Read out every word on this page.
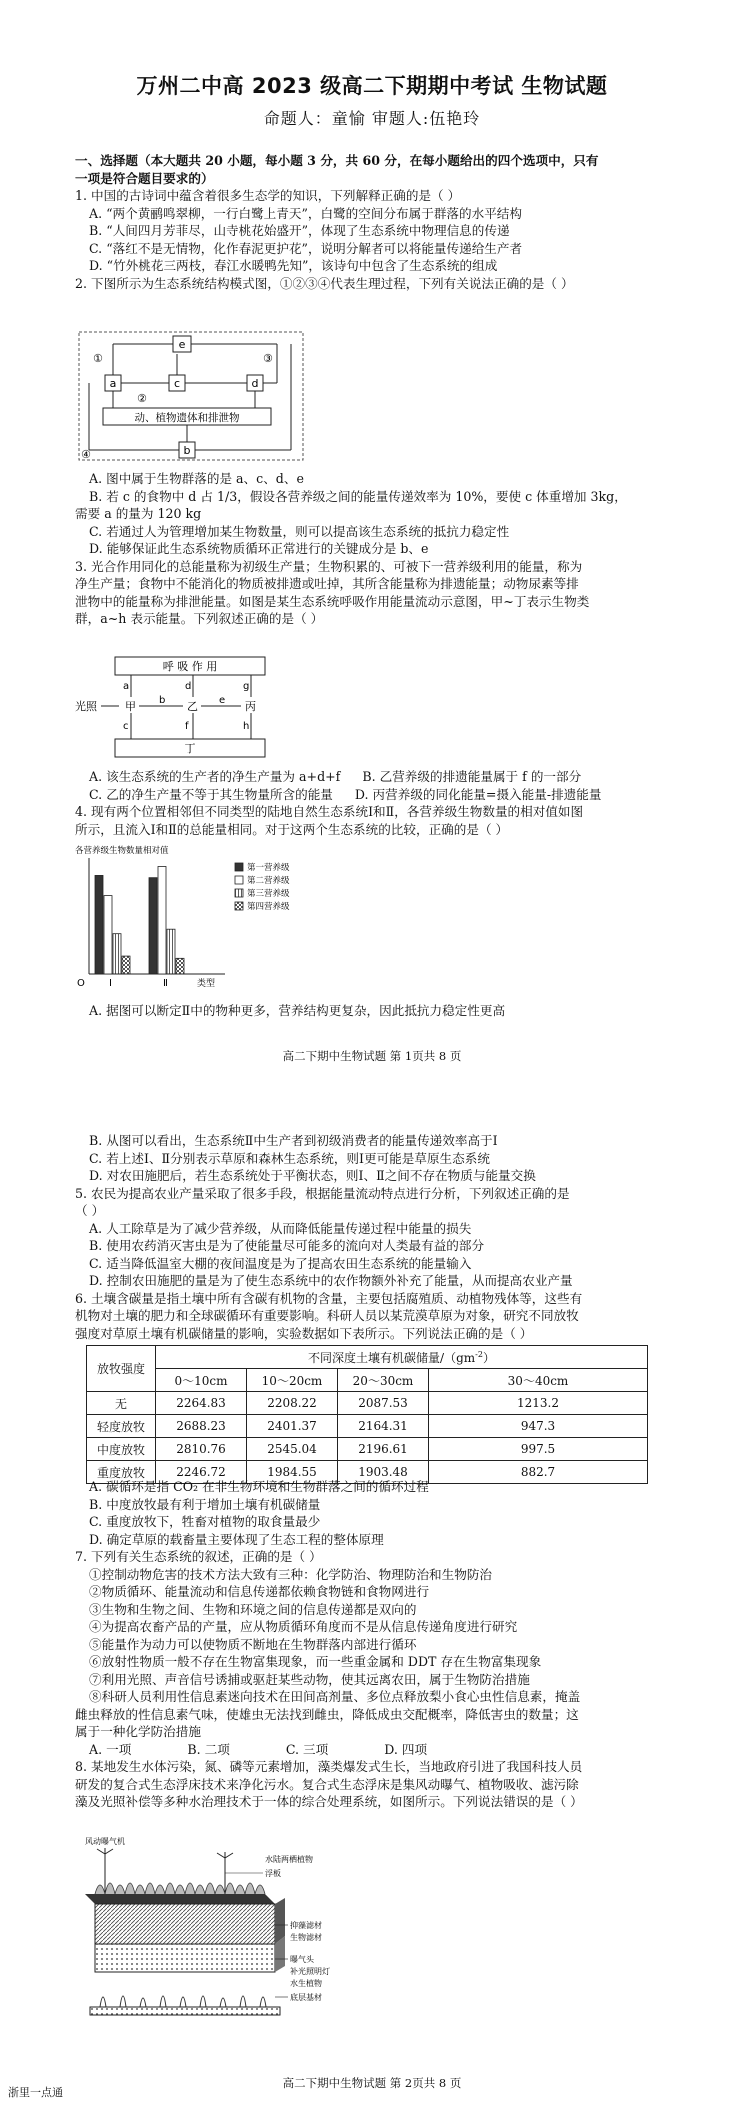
万州二中高 2023 级高二下期期中考试 生物试题
命题人：童愉 审题人:伍艳玲
一、选择题（本大题共 20 小题，每小题 3 分，共 60 分，在每小题给出的四个选项中，只有
一项是符合题目要求的）
1. 中国的古诗词中蕴含着很多生态学的知识，下列解释正确的是（ ）
A. “两个黄鹂鸣翠柳，一行白鹭上青天”，白鹭的空间分布属于群落的水平结构
B. “人间四月芳菲尽，山寺桃花始盛开”，体现了生态系统中物理信息的传递
C. “落红不是无情物，化作春泥更护花”，说明分解者可以将能量传递给生产者
D. “竹外桃花三两枝，春江水暖鸭先知”，该诗句中包含了生态系统的组成
2. 下图所示为生态系统结构模式图，①②③④代表生理过程，下列有关说法正确的是（ ）
e
a	c	d
动、植物遗体和排泄物
b
①
②
③
④
A. 图中属于生物群落的是 a、c、d、e
B. 若 c 的食物中 d 占 1/3，假设各营养级之间的能量传递效率为 10%，要使 c 体重增加 3kg，
需要 a 的量为 120 kg
C. 若通过人为管理增加某生物数量，则可以提高该生态系统的抵抗力稳定性
D. 能够保证此生态系统物质循环正常进行的关键成分是 b、e
3. 光合作用同化的总能量称为初级生产量；生物积累的、可被下一营养级利用的能量，称为
净生产量；食物中不能消化的物质被排遗或吐掉，其所含能量称为排遗能量；动物尿素等排
泄物中的能量称为排泄能量。如图是某生态系统呼吸作用能量流动示意图，甲~丁表示生物类
群，a~h 表示能量。下列叙述正确的是（ ）
呼 吸 作 用
光照	甲	乙	丙
a	d	g
b	e
c	f	h
丁
A. 该生态系统的生产者的净生产量为 a+d+f B. 乙营养级的排遗能量属于 f 的一部分
C. 乙的净生产量不等于其生物量所含的能量 D. 丙营养级的同化能量=摄入能量-排遗能量
4. 现有两个位置相邻但不同类型的陆地自然生态系统Ⅰ和Ⅱ，各营养级生物数量的相对值如图
所示，且流入Ⅰ和Ⅱ的总能量相同。对于这两个生态系统的比较，正确的是（ ）
各营养级生物数量相对值
O Ⅰ	Ⅱ	类型
第一营养级
第二营养级
第三营养级
第四营养级
A. 据图可以断定Ⅱ中的物种更多，营养结构更复杂，因此抵抗力稳定性更高
高二下期中生物试题 第 1页共 8 页
B. 从图可以看出，生态系统Ⅱ中生产者到初级消费者的能量传递效率高于Ⅰ
C. 若上述Ⅰ、Ⅱ分别表示草原和森林生态系统，则Ⅰ更可能是草原生态系统
D. 对农田施肥后，若生态系统处于平衡状态，则Ⅰ、Ⅱ之间不存在物质与能量交换
5. 农民为提高农业产量采取了很多手段，根据能量流动特点进行分析，下列叙述正确的是
（ ）
A. 人工除草是为了减少营养级，从而降低能量传递过程中能量的损失
B. 使用农药消灭害虫是为了使能量尽可能多的流向对人类最有益的部分
C. 适当降低温室大棚的夜间温度是为了提高农田生态系统的能量输入
D. 控制农田施肥的量是为了使生态系统中的农作物额外补充了能量，从而提高农业产量
6. 土壤含碳量是指土壤中所有含碳有机物的含量，主要包括腐殖质、动植物残体等，这些有
机物对土壤的肥力和全球碳循环有重要影响。科研人员以某荒漠草原为对象，研究不同放牧
强度对草原土壤有机碳储量的影响，实验数据如下表所示。下列说法正确的是（ ）
放牧强度	不同深度土壤有机碳储量$/(gm^{-2})$			
	0～10cm	10～20cm	20～30cm	30～40cm
无	2264.83	2208.22	2087.53	1213.2
轻度放牧	2688.23	2401.37	2164.31	947.3
中度放牧	2810.76	2545.04	2196.61	997.5
重度放牧	2246.72	1984.55	1903.48	882.7
A. 碳循环是指 CO₂ 在非生物环境和生物群落之间的循环过程
B. 中度放牧最有利于增加土壤有机碳储量
C. 重度放牧下，牲畜对植物的取食量最少
D. 确定草原的载畜量主要体现了生态工程的整体原理
7. 下列有关生态系统的叙述，正确的是（ ）
①控制动物危害的技术方法大致有三种：化学防治、物理防治和生物防治
②物质循环、能量流动和信息传递都依赖食物链和食物网进行
③生物和生物之间、生物和环境之间的信息传递都是双向的
④为提高农畜产品的产量，应从物质循环角度而不是从信息传递角度进行研究
⑤能量作为动力可以使物质不断地在生物群落内部进行循环
⑥放射性物质一般不存在生物富集现象，而一些重金属和 DDT 存在生物富集现象
⑦利用光照、声音信号诱捕或驱赶某些动物，使其远离农田，属于生物防治措施
⑧科研人员利用性信息素迷向技术在田间高剂量、多位点释放梨小食心虫性信息素，掩盖
雌虫释放的性信息素气味，使雄虫无法找到雌虫，降低成虫交配概率，降低害虫的数量；这
属于一种化学防治措施
A. 一项              B. 二项              C. 三项              D. 四项
8. 某地发生水体污染，氮、磷等元素增加，藻类爆发式生长，当地政府引进了我国科技人员
研发的复合式生态浮床技术来净化污水。复合式生态浮床是集风动曝气、植物吸收、滤污除
藻及光照补偿等多种水治理技术于一体的综合处理系统，如图所示。下列说法错误的是（ ）
风动曝气机
水陆两栖植物
浮板
抑藻滤材
生物滤材
曝气头
补光照明灯
水生植物
底层基材
高二下期中生物试题 第 2页共 8 页
浙里一点通
